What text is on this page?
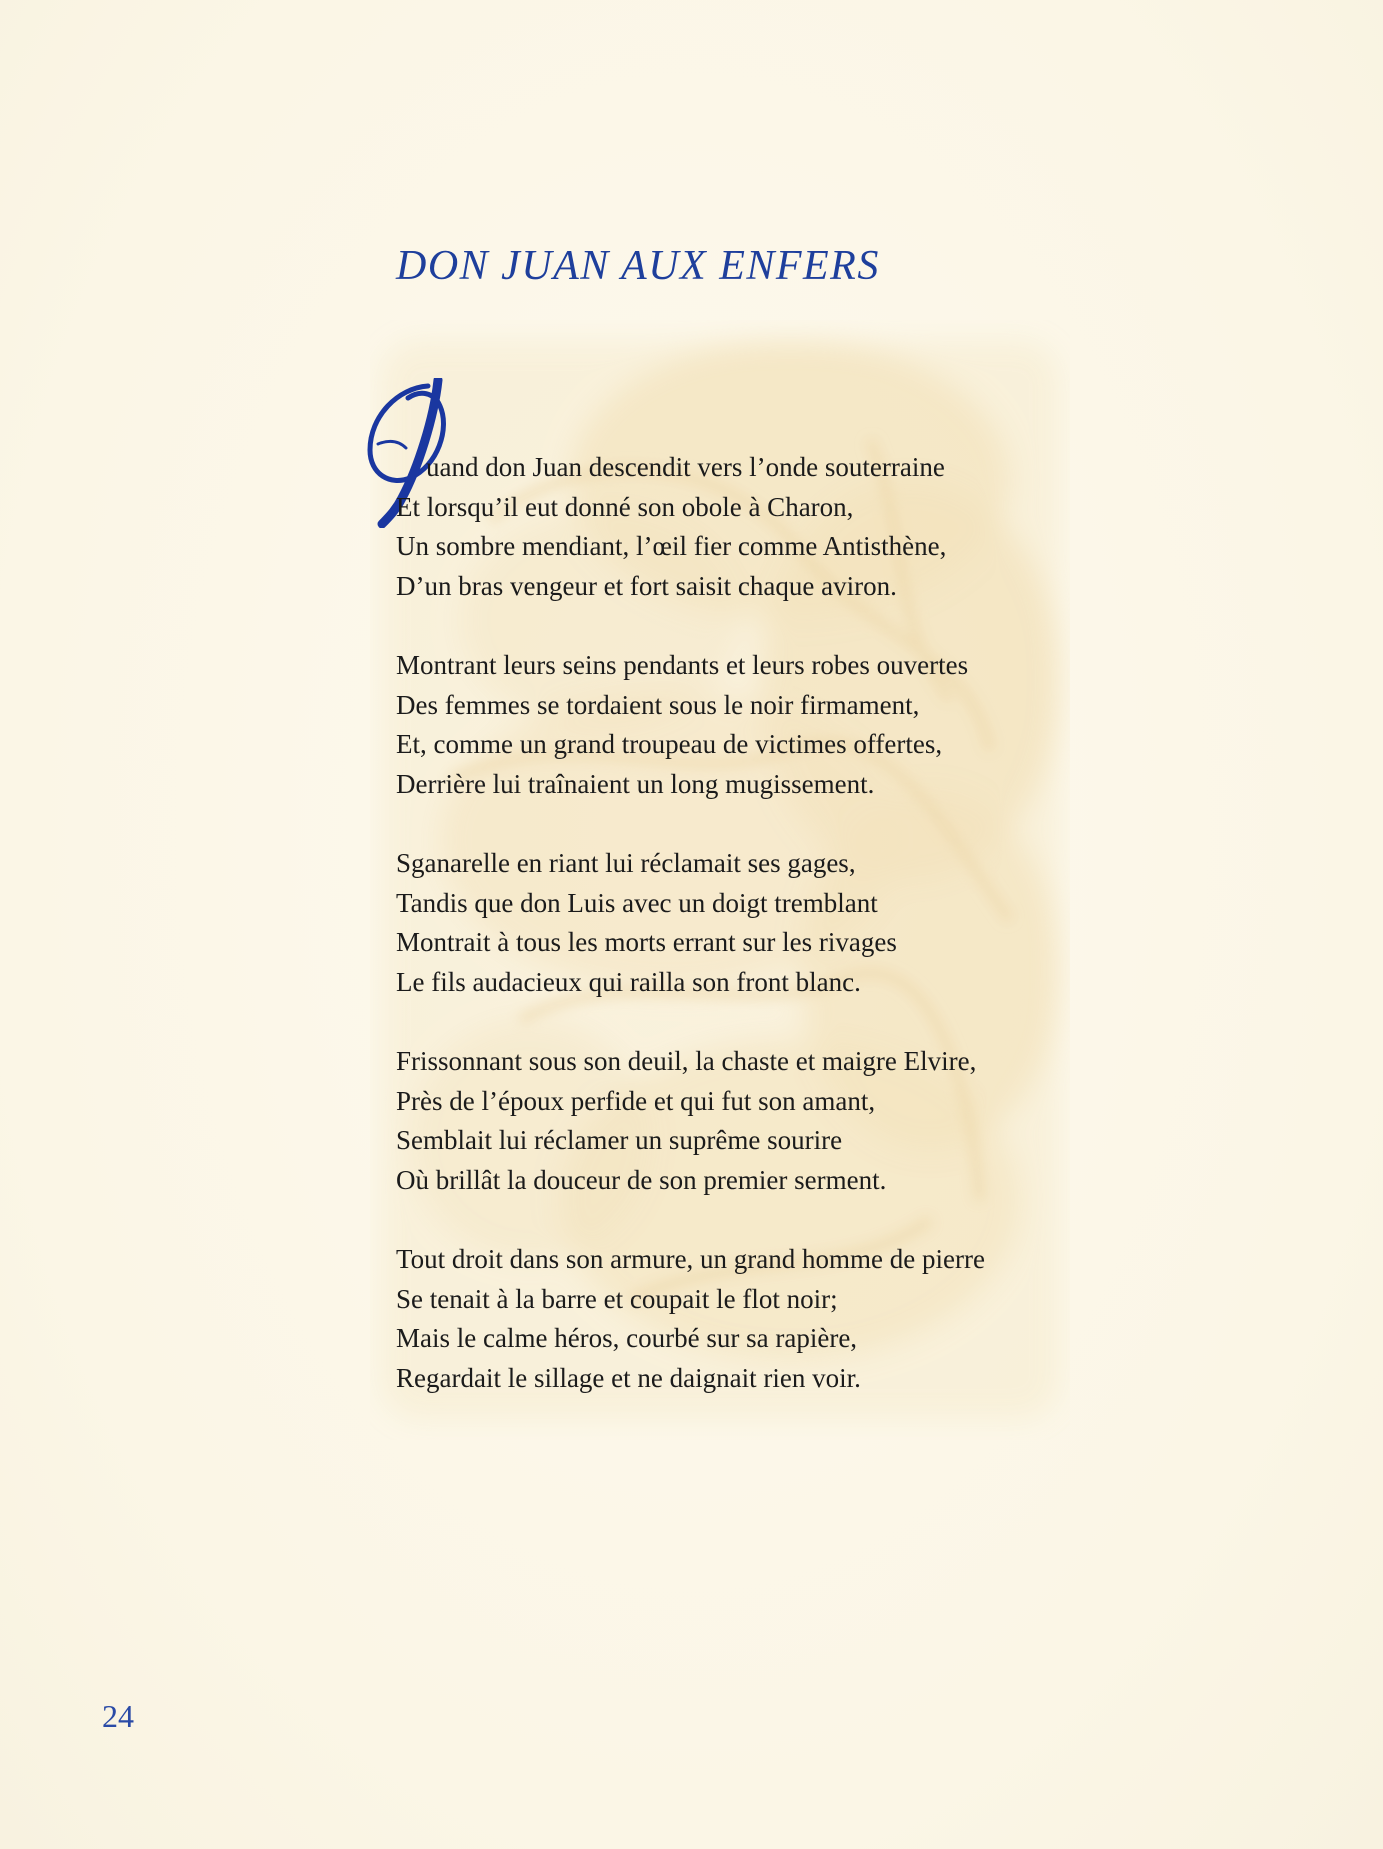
DON JUAN AUX ENFERS
uand don Juan descendit vers l’onde souterraine
Et lorsqu’il eut donné son obole à Charon,
Un sombre mendiant, l’œil fier comme Antisthène,
D’un bras vengeur et fort saisit chaque aviron.
Montrant leurs seins pendants et leurs robes ouvertes
Des femmes se tordaient sous le noir firmament,
Et, comme un grand troupeau de victimes offertes,
Derrière lui traînaient un long mugissement.
Sganarelle en riant lui réclamait ses gages,
Tandis que don Luis avec un doigt tremblant
Montrait à tous les morts errant sur les rivages
Le fils audacieux qui railla son front blanc.
Frissonnant sous son deuil, la chaste et maigre Elvire,
Près de l’époux perfide et qui fut son amant,
Semblait lui réclamer un suprême sourire
Où brillât la douceur de son premier serment.
Tout droit dans son armure, un grand homme de pierre
Se tenait à la barre et coupait le flot noir;
Mais le calme héros, courbé sur sa rapière,
Regardait le sillage et ne daignait rien voir.
24
